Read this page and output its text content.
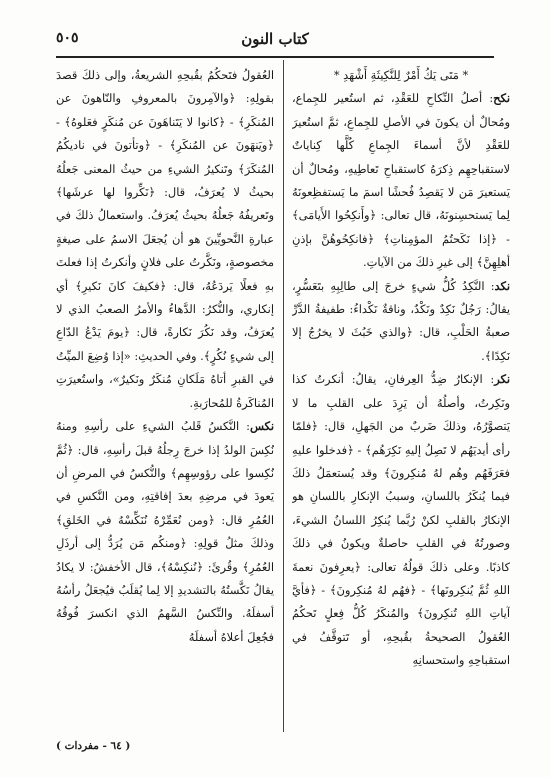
٥٠٥	كتاب النون

* مَتَى يَكُ أَمْرٌ لِلنَّكِيثَةِ أَشْهَدِ *

نكح: أصلُ النِّكاحِ للعَقْدِ، ثم استُعير للجِماع، ومُحالٌ أن يكونَ في الأصلِ للجِماعِ، ثمَّ استُعيرَ للعَقْدِ لأنَّ أسماءَ الجِماعِ كُلَّها كِناياتٌ لاستقباحِهِم ذِكرَهُ كاستقباحِ تَعاطِيهِ، ومُحالٌ أن يَستعيرَ مَن لا يَقصِدُ فُحشًا اسمَ ما يَستفظِعونَهُ لِما يَستحسِنونَهُ، قال تعالى: ﴿وأَنكِحُوا الأَيامَى﴾ - ﴿إذا نَكَحتُمُ المؤمِناتِ﴾ ﴿فانكِحُوهُنَّ بإذنِ أهلِهِنَّ﴾ إلى غيرِ ذلكَ من الآياتِ.

نكد: النَّكِدُ كُلُّ شيءٍ خرجَ إلى طالِبِهِ بتَعَسُّرٍ، يقالُ: رَجُلٌ نَكِدٌ ونَكْدٌ، وناقةٌ نَكْداءُ: طفيفةُ الدَّرِّ صعبةُ الحَلْبِ، قال: ﴿والذي خَبُثَ لا يخرُجُ إلا نَكِدًا﴾.

نكر: الإنكارُ ضِدُّ العِرفانِ، يقالُ: أنكرتُ كذا ونَكِرتُ، وأصلُهُ أن يَرِدَ على القلبِ ما لا يَتصوَّرُهُ، وذلكَ ضَربٌ من الجَهلِ، قال: ﴿فلمّا رأى أيديَهُم لا تَصِلُ إليهِ نَكِرَهُم﴾ - ﴿فدخلوا عليهِ فعَرَفَهُم وهُم لهُ مُنكِرونَ﴾ وقد يُستعمَلُ ذلكَ فيما يُنكَرُ باللسانِ، وسببُ الإنكارِ باللسانِ هو الإنكارُ بالقلبِ لكنْ رُبَّما يُنكِرُ اللسانُ الشيءَ، وصورتُهُ في القلبِ حاصلةٌ ويكونُ في ذلكَ كاذبًا. وعلى ذلكَ قولُهُ تعالى: ﴿يعرِفونَ نعمةَ اللهِ ثُمَّ يُنكِرونَها﴾ - ﴿فهُم لهُ مُنكِرونَ﴾ - ﴿فأيَّ آياتِ اللهِ تُنكِرونَ﴾ والمُنكَرُ كُلُّ فِعلٍ تَحكُمُ العُقولُ الصحيحةُ بقُبحِهِ، أو تَتوقَّفُ في استقباحِهِ واستحسانِهِ

العُقولُ فتَحكُمُ بقُبحِهِ الشريعةُ، وإلى ذلكَ قصدَ بقولِهِ: ﴿والآمِرونَ بالمعروفِ والنّاهونَ عن المُنكَرِ﴾ - ﴿كانوا لا يَتَناهَونَ عن مُنكَرٍ فعَلوهُ﴾ - ﴿ويَنهَونَ عن المُنكَرِ﴾ - ﴿وتأتونَ في ناديكُمُ المُنكَرَ﴾ وتَنكيرُ الشيءِ من حيثُ المعنى جَعلُهُ بحيثُ لا يُعرَفُ، قال: ﴿نَكِّروا لها عرشَها﴾ وتَعريفُهُ جَعلُهُ بحيثُ يُعرَفُ. واستعمالُ ذلكَ في عبارةِ النَّحويِّينَ هو أن يُجعَلَ الاسمُ على صيغةٍ مخصوصةٍ، ونَكَّرتُ على فلانٍ وأنكرتُ إذا فعلتَ بهِ فعلًا يَردَعُهُ، قال: ﴿فكيفَ كانَ نَكيرِ﴾ أي إنكاري، والنُّكرُ: الدَّهاءُ والأمرُ الصعبُ الذي لا يُعرَفُ، وقد نَكُرَ نَكارةً، قال: ﴿يومَ يَدْعُ الدّاعِ إلى شيءٍ نُكُرٍ﴾. وفي الحديثِ: «إذا وُضِعَ الميِّتُ في القبرِ أتاهُ مَلَكانِ مُنكَرٌ ونَكيرٌ»، واستُعيرَتِ المُناكَرةُ للمُحارَبةِ.

نكس: النَّكسُ قَلبُ الشيءِ على رأسِهِ ومنهُ نُكِسَ الولدُ إذا خرجَ رِجلُهُ قبلَ رأسِهِ، قال: ﴿ثُمَّ نُكِسوا على رؤوسِهِم﴾ والنُّكسُ في المرضِ أن يَعودَ في مرضِهِ بعدَ إفاقتِهِ، ومن النَّكسِ في العُمُرِ قال: ﴿ومن نُعَمِّرْهُ نُنَكِّسْهُ في الخَلقِ﴾ وذلكَ مثلُ قولِهِ: ﴿ومنكُم مَن يُرَدُّ إلى أرذَلِ العُمُرِ﴾ وقُرئَ: ﴿نُنكِسْهُ﴾، قال الأخفشُ: لا يكادُ يقالُ نَكَّستُهُ بالتشديدِ إلا لِما يُقلَبُ فيُجعَلُ رأسُهُ أسفلَهُ. والنِّكسُ السَّهمُ الذي انكسرَ فُوقُهُ فجُعِلَ أعلاهُ أسفلَهُ

( ٦٤ - مفردات )
